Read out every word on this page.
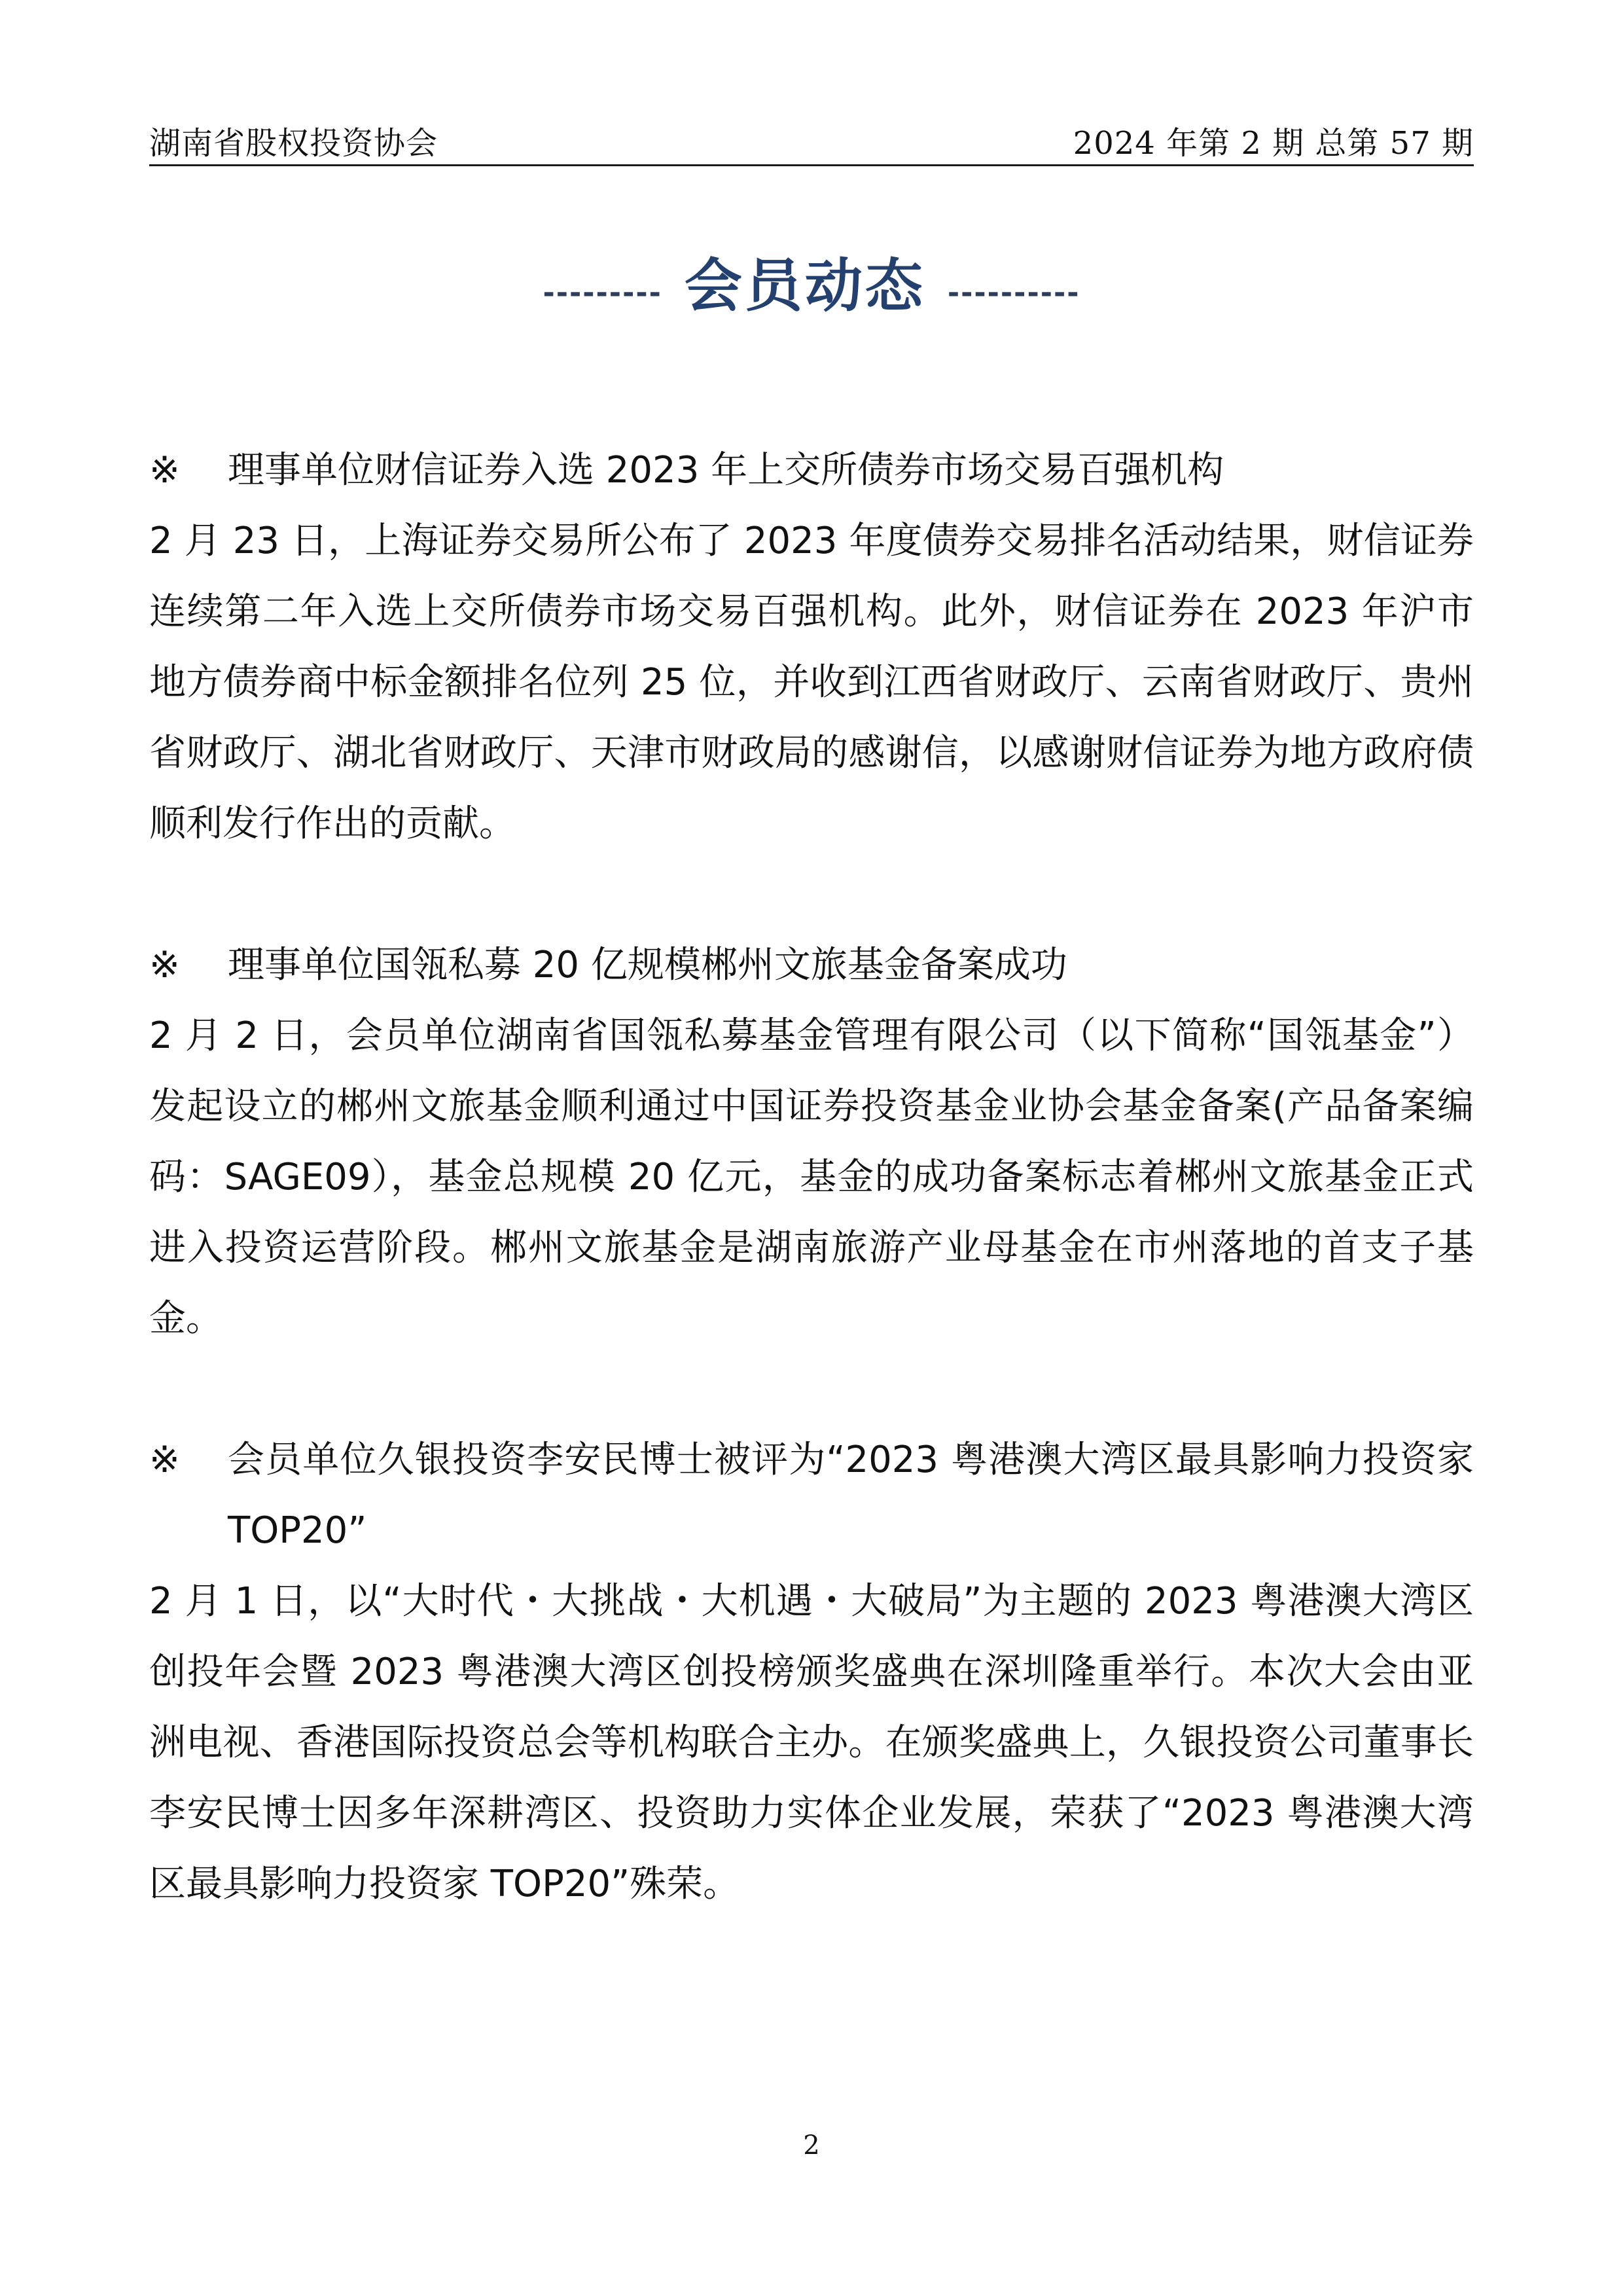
湖南省股权投资协会	2024 年第 2 期 总第 57 期
--------- 会员动态 ----------

※	理事单位财信证券入选 2023 年上交所债券市场交易百强机构

2 月 23 日，上海证券交易所公布了 2023 年度债券交易排名活动结果，财信证券连续第二年入选上交所债券市场交易百强机构。此外，财信证券在 2023 年沪市地方债券商中标金额排名位列 25 位，并收到江西省财政厅、云南省财政厅、贵州省财政厅、湖北省财政厅、天津市财政局的感谢信，以感谢财信证券为地方政府债顺利发行作出的贡献。

※	理事单位国瓴私募 20 亿规模郴州文旅基金备案成功

2 月 2 日，会员单位湖南省国瓴私募基金管理有限公司（以下简称“国瓴基金”）发起设立的郴州文旅基金顺利通过中国证券投资基金业协会基金备案(产品备案编码：SAGE09），基金总规模 20 亿元，基金的成功备案标志着郴州文旅基金正式进入投资运营阶段。郴州文旅基金是湖南旅游产业母基金在市州落地的首支子基金。

※	会员单位久银投资李安民博士被评为“2023 粤港澳大湾区最具影响力投资家 TOP20”

2 月 1 日，以“大时代・大挑战・大机遇・大破局”为主题的 2023 粤港澳大湾区创投年会暨 2023 粤港澳大湾区创投榜颁奖盛典在深圳隆重举行。本次大会由亚洲电视、香港国际投资总会等机构联合主办。在颁奖盛典上，久银投资公司董事长李安民博士因多年深耕湾区、投资助力实体企业发展，荣获了“2023 粤港澳大湾区最具影响力投资家 TOP20”殊荣。

2
